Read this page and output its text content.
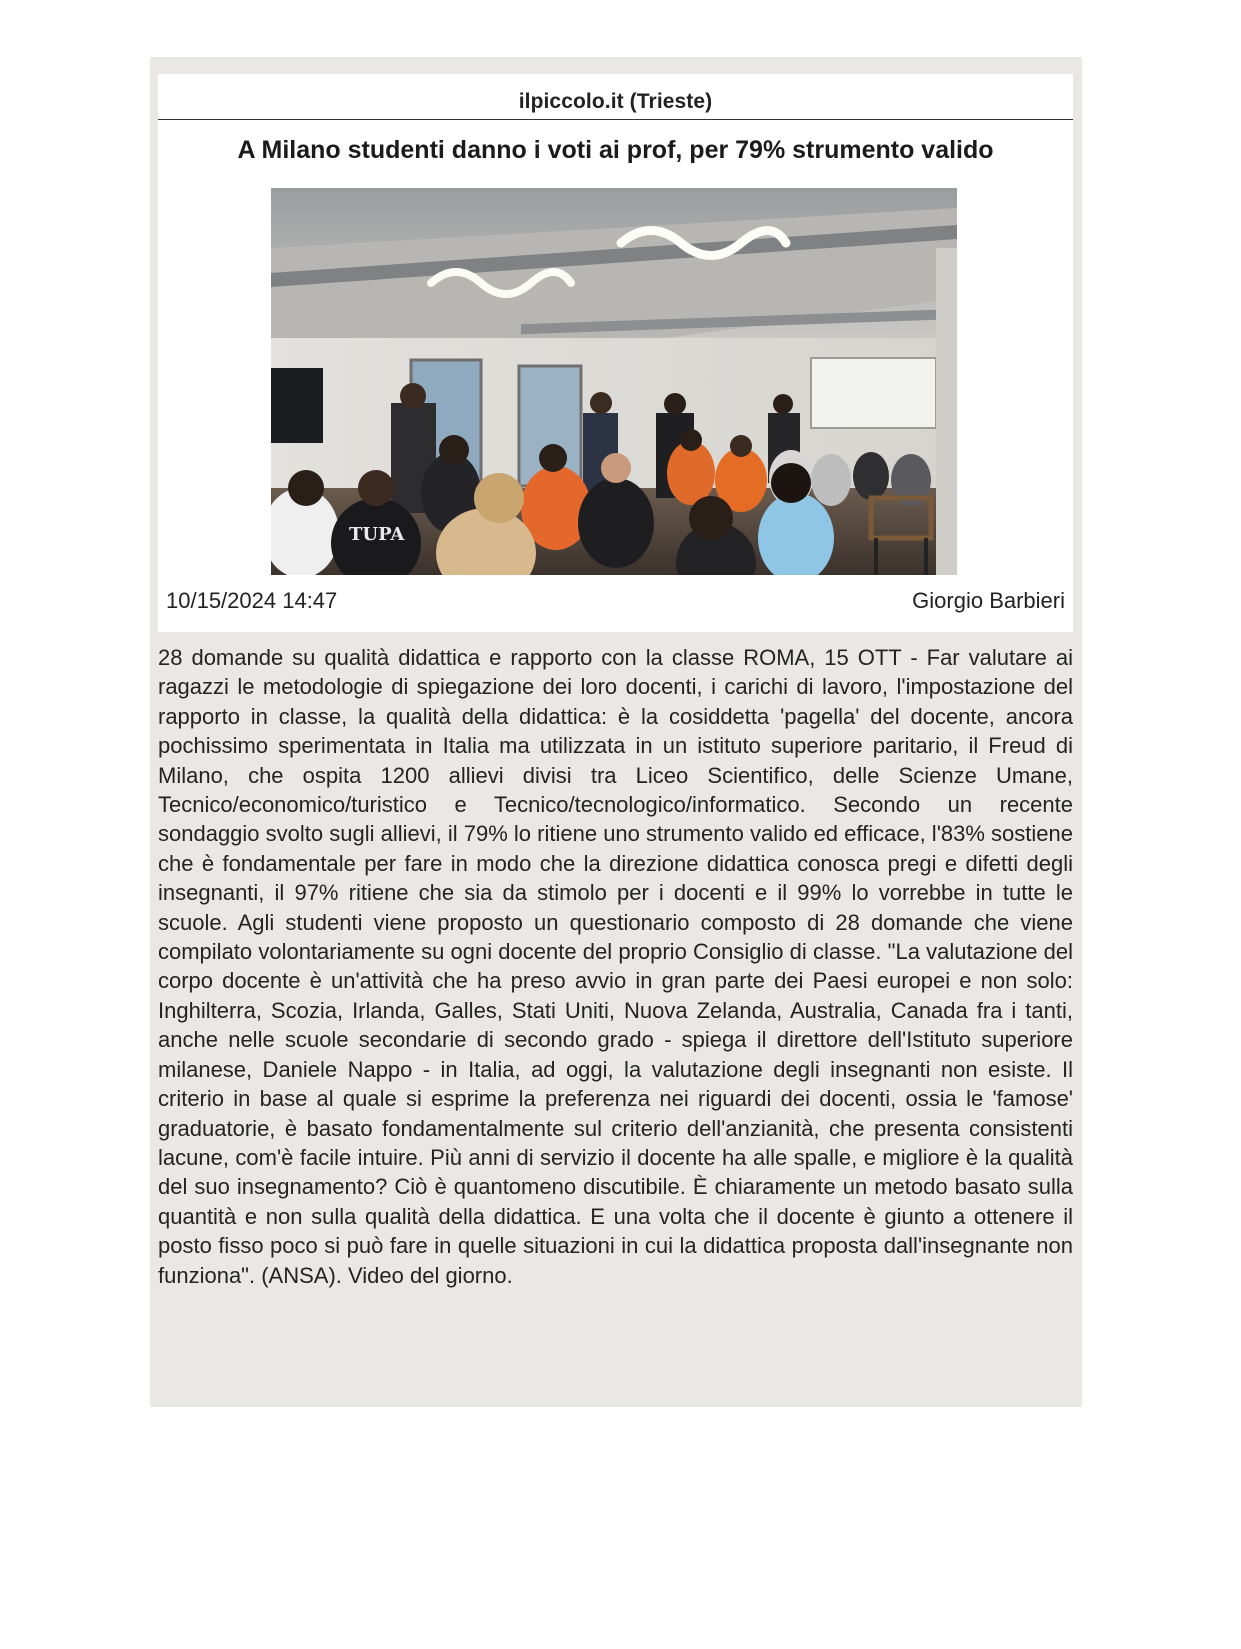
ilpiccolo.it (Trieste)
A Milano studenti danno i voti ai prof, per 79% strumento valido
TUPA
10/15/2024 14:47	Giorgio Barbieri

28 domande su qualità didattica e rapporto con la classe ROMA, 15 OTT - Far valutare ai ragazzi le metodologie di spiegazione dei loro docenti, i carichi di lavoro, l'impostazione del rapporto in classe, la qualità della didattica: è la cosiddetta 'pagella' del docente, ancora pochissimo sperimentata in Italia ma utilizzata in un istituto superiore paritario, il Freud di Milano, che ospita 1200 allievi divisi tra Liceo Scientifico, delle Scienze Umane, Tecnico/economico/turistico e Tecnico/tecnologico/informatico. Secondo un recente sondaggio svolto sugli allievi, il 79% lo ritiene uno strumento valido ed efficace, l'83% sostiene che è fondamentale per fare in modo che la direzione didattica conosca pregi e difetti degli insegnanti, il 97% ritiene che sia da stimolo per i docenti e il 99% lo vorrebbe in tutte le scuole. Agli studenti viene proposto un questionario composto di 28 domande che viene compilato volontariamente su ogni docente del proprio Consiglio di classe. "La valutazione del corpo docente è un'attività che ha preso avvio in gran parte dei Paesi europei e non solo: Inghilterra, Scozia, Irlanda, Galles, Stati Uniti, Nuova Zelanda, Australia, Canada fra i tanti, anche nelle scuole secondarie di secondo grado - spiega il direttore dell'Istituto superiore milanese, Daniele Nappo - in Italia, ad oggi, la valutazione degli insegnanti non esiste. Il criterio in base al quale si esprime la preferenza nei riguardi dei docenti, ossia le 'famose' graduatorie, è basato fondamentalmente sul criterio dell'anzianità, che presenta consistenti lacune, com'è facile intuire. Più anni di servizio il docente ha alle spalle, e migliore è la qualità del suo insegnamento? Ciò è quantomeno discutibile. È chiaramente un metodo basato sulla quantità e non sulla qualità della didattica. E una volta che il docente è giunto a ottenere il posto fisso poco si può fare in quelle situazioni in cui la didattica proposta dall'insegnante non funziona". (ANSA). Video del giorno.
